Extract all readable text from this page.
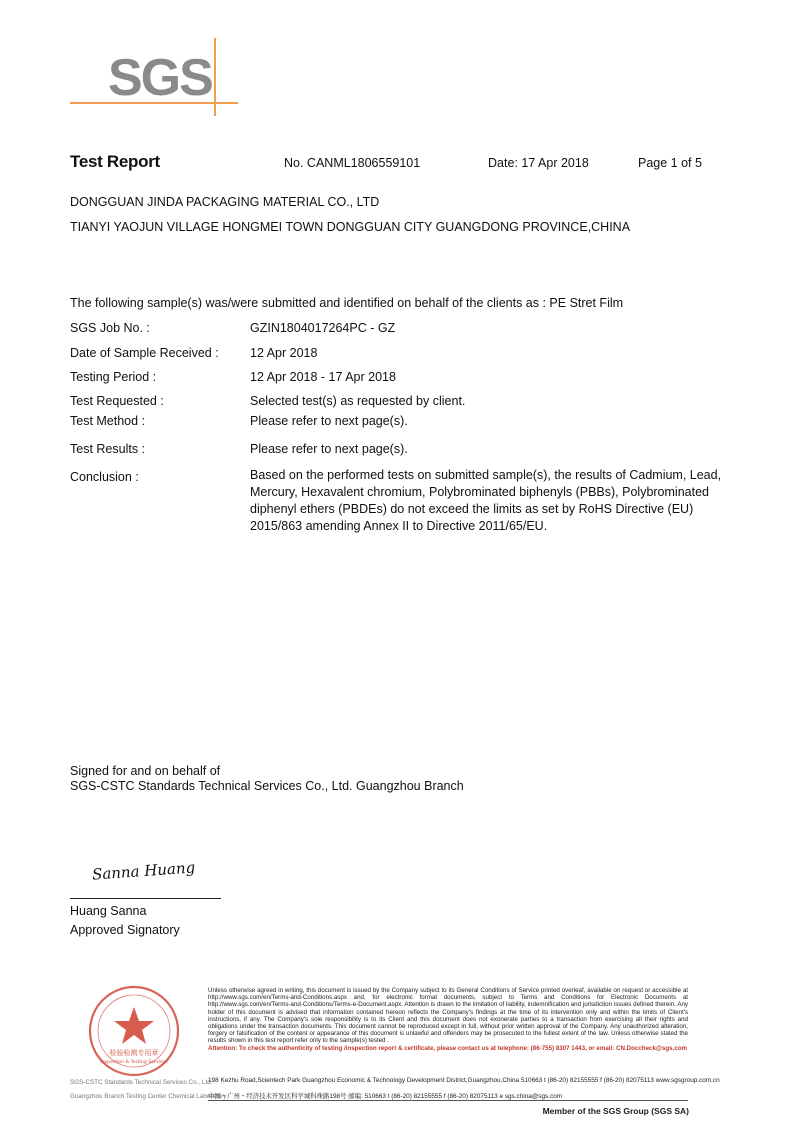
SGS
Test Report	No. CANML1806559101	Date: 17 Apr 2018	Page 1 of 5
DONGGUAN JINDA PACKAGING MATERIAL CO., LTD
TIANYI YAOJUN VILLAGE HONGMEI TOWN DONGGUAN CITY GUANGDONG PROVINCE,CHINA
The following sample(s) was/were submitted and identified on behalf of the clients as : PE Stret Film
SGS Job No. :	GZIN1804017264PC - GZ
Date of Sample Received :	12 Apr 2018
Testing Period :	12 Apr 2018 - 17 Apr 2018
Test Requested :	Selected test(s) as requested by client.
Test Method :	Please refer to next page(s).
Test Results :	Please refer to next page(s).
Conclusion :	Based on the performed tests on submitted sample(s), the results of Cadmium, Lead, Mercury, Hexavalent chromium, Polybrominated biphenyls (PBBs), Polybrominated diphenyl ethers (PBDEs) do not exceed the limits as set by RoHS Directive (EU) 2015/863 amending Annex II to Directive 2011/65/EU.
Signed for and on behalf of
SGS-CSTC Standards Technical Services Co., Ltd. Guangzhou Branch
Sanna Huang
Huang Sanna
Approved Signatory
检验检测专用章
Inspection & Testing Services
SGS-CSTC Standards Technical Services Co., Ltd.
Guangzhou Branch Testing Center Chemical Laboratory
Unless otherwise agreed in writing, this document is issued by the Company subject to its General Conditions of Service printed overleaf, available on request or accessible at http://www.sgs.com/en/Terms-and-Conditions.aspx and, for electronic format documents, subject to Terms and Conditions for Electronic Documents at http://www.sgs.com/en/Terms-and-Conditions/Terms-e-Document.aspx. Attention is drawn to the limitation of liability, indemnification and jurisdiction issues defined therein. Any holder of this document is advised that information contained hereon reflects the Company's findings at the time of its intervention only and within the limits of Client's instructions, if any. The Company's sole responsibility is to its Client and this document does not exonerate parties to a transaction from exercising all their rights and obligations under the transaction documents. This document cannot be reproduced except in full, without prior written approval of the Company. Any unauthorized alteration, forgery or falsification of the content or appearance of this document is unlawful and offenders may be prosecuted to the fullest extent of the law. Unless otherwise stated the results shown in this test report refer only to the sample(s) tested .
Attention: To check the authenticity of testing /inspection report & certificate, please contact us at telephone: (86-755) 8307 1443, or email: CN.Doccheck@sgs.com
198 Kezhu Road,Scientech Park Guangzhou Economic & Technology Development District,Guangzhou,China 510663 t (86-20) 82155555 f (86-20) 82075113 www.sgsgroup.com.cn
中国・广州・经济技术开发区科学城科珠路198号 邮编: 510663 t (86-20) 82155555 f (86-20) 82075113 e sgs.china@sgs.com
Member of the SGS Group (SGS SA)
